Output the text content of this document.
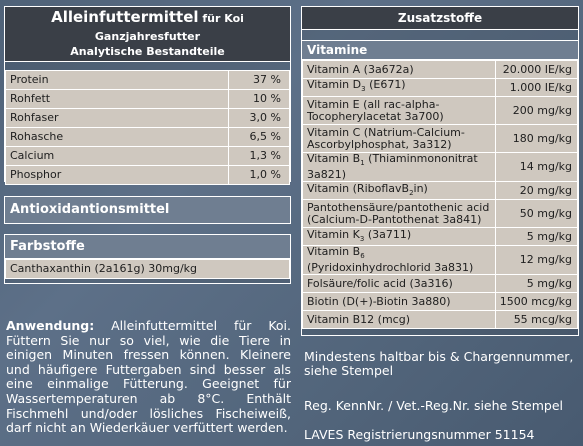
Alleinfuttermittel für Koi Ganzjahresfutter
Analytische Bestandteile
Protein	37 %
Rohfett	10 %
Rohfaser	3,0 %
Rohasche	6,5 %
Calcium	1,3 %
Phosphor	1,0 %
Antioxidantionsmittel
Farbstoffe
Canthaxanthin (2a161g) 30mg/kg
Anwendung: Alleinfuttermittel für Koi. Füttern Sie nur so viel, wie die Tiere in einigen Minuten fressen können. Kleinere und häufigere Futtergaben sind besser als eine einmalige Fütterung. Geeignet für Wassertemperaturen ab 8°C. Enthält Fischmehl und/oder lösliches Fischeiweiß, darf nicht an Wiederkäuer verfüttert werden.
Zusatzstoffe
Vitamine
Vitamin A (3a672a)	20.000 IE/kg
Vitamin $D_3$ (E671)	1.000 IE/kg
Vitamin E (all rac-alpha-Tocopherylacetat 3a700)	200 mg/kg
Vitamin C (Natrium-Calcium-Ascorbylphosphat, 3a312)	180 mg/kg
Vitamin $B_1$ (Thiaminmononitrat 3a821)	14 mg/kg
Vitamin (RiboflavB$_2$in)	20 mg/kg
Pantothensäure/pantothenic acid (Calcium-D-Pantothenat 3a841)	50 mg/kg
Vitamin $K_3$ (3a711)	5 mg/kg
Vitamin $B_6$ (Pyridoxinhydrochlorid 3a831)	12 mg/kg
Folsäure/folic acid (3a316)	5 mg/kg
Biotin (D(+)-Biotin 3a880)	1500 mcg/kg
Vitamin B12 (mcg)	55 mcg/kg
Mindestens haltbar bis & Chargennummer, siehe Stempel
Reg. KennNr. / Vet.-Reg.Nr. siehe Stempel
LAVES Registrierungsnummer 51154
